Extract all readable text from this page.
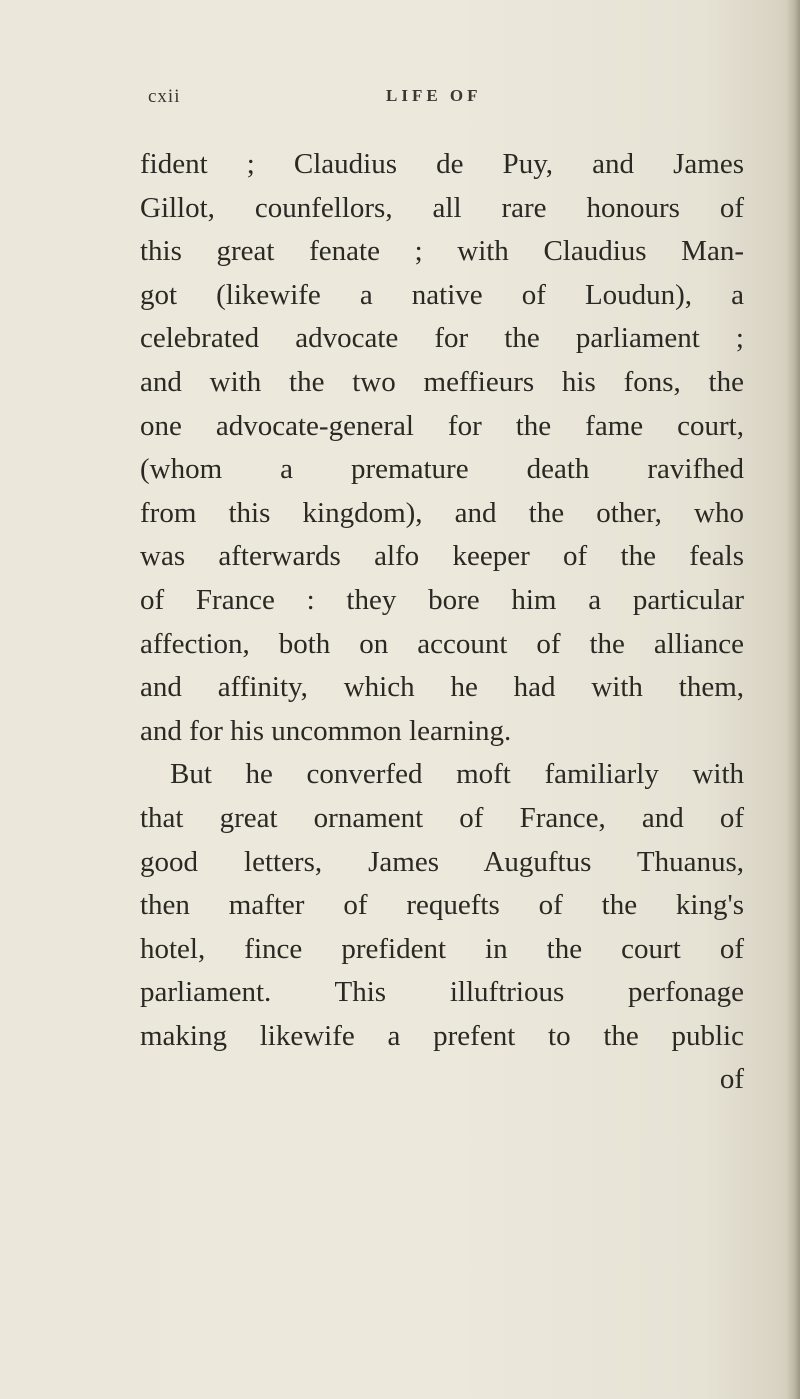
cxii	LIFE OF
fident ; Claudius de Puy, and James
Gillot, counfellors, all rare honours of
this great fenate ; with Claudius Man-
got (likewife a native of Loudun), a
celebrated advocate for the parliament ;
and with the two meffieurs his fons, the
one advocate-general for the fame court,
(whom a premature death ravifhed
from this kingdom), and the other, who
was afterwards alfo keeper of the feals
of France : they bore him a particular
affection, both on account of the alliance
and affinity, which he had with them,
and for his uncommon learning.
But he converfed moft familiarly with
that great ornament of France, and of
good letters, James Auguftus Thuanus,
then mafter of requefts of the king's
hotel, fince prefident in the court of
parliament. This illuftrious perfonage
making likewife a prefent to the public
of
